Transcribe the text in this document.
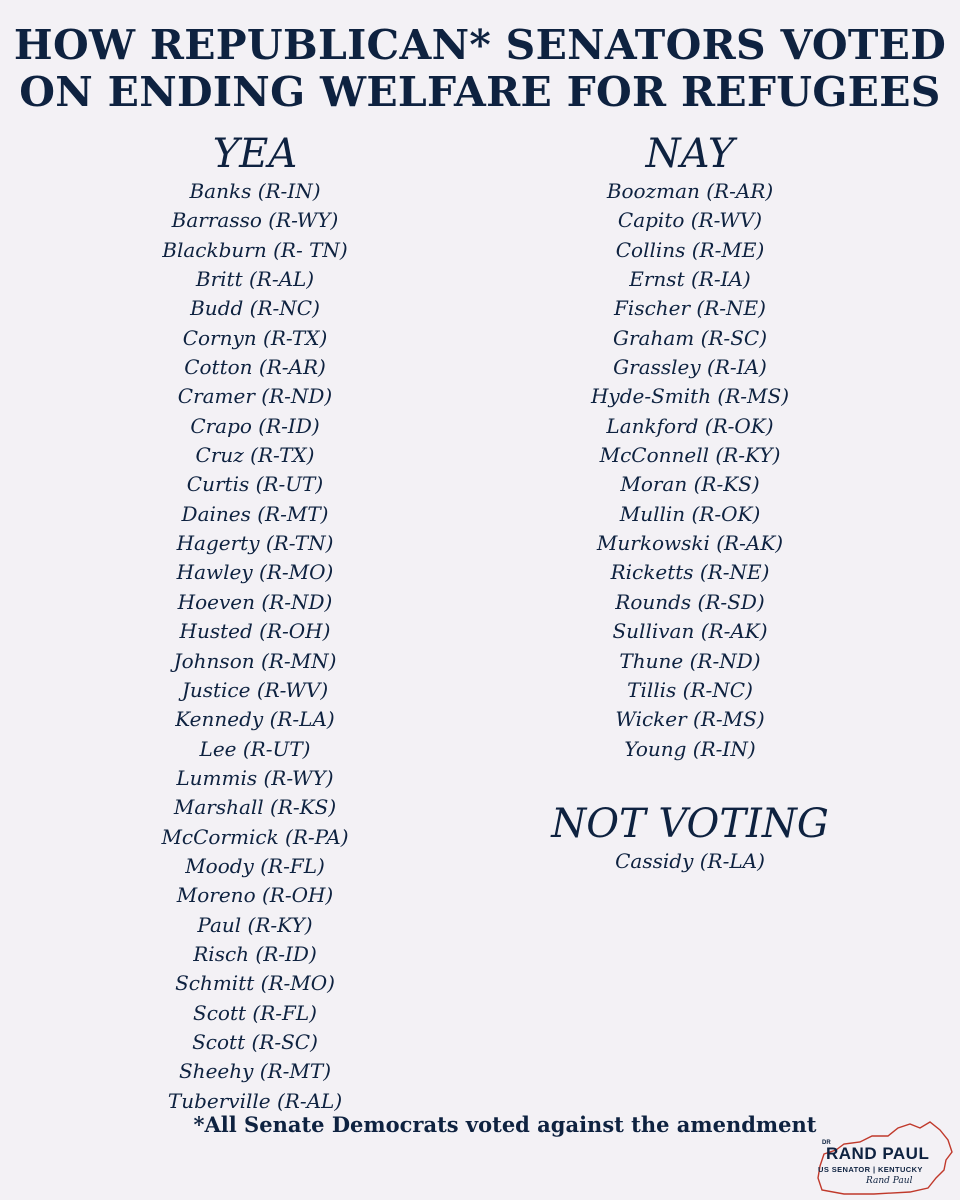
HOW REPUBLICAN* SENATORS VOTED
ON ENDING WELFARE FOR REFUGEES
YEA
Banks (R-IN)
Barrasso (R-WY)
Blackburn (R- TN)
Britt (R-AL)
Budd (R-NC)
Cornyn (R-TX)
Cotton (R-AR)
Cramer (R-ND)
Crapo (R-ID)
Cruz (R-TX)
Curtis (R-UT)
Daines (R-MT)
Hagerty (R-TN)
Hawley (R-MO)
Hoeven (R-ND)
Husted (R-OH)
Johnson (R-MN)
Justice (R-WV)
Kennedy (R-LA)
Lee (R-UT)
Lummis (R-WY)
Marshall (R-KS)
McCormick (R-PA)
Moody (R-FL)
Moreno (R-OH)
Paul (R-KY)
Risch (R-ID)
Schmitt (R-MO)
Scott (R-FL)
Scott (R-SC)
Sheehy (R-MT)
Tuberville (R-AL)
NAY
Boozman (R-AR)
Capito (R-WV)
Collins (R-ME)
Ernst (R-IA)
Fischer (R-NE)
Graham (R-SC)
Grassley (R-IA)
Hyde-Smith (R-MS)
Lankford (R-OK)
McConnell (R-KY)
Moran (R-KS)
Mullin (R-OK)
Murkowski (R-AK)
Ricketts (R-NE)
Rounds (R-SD)
Sullivan (R-AK)
Thune (R-ND)
Tillis (R-NC)
Wicker (R-MS)
Young (R-IN)
NOT VOTING
Cassidy (R-LA)
*All Senate Democrats voted against the amendment
DR
RAND PAUL
US SENATOR | KENTUCKY
Rand Paul
